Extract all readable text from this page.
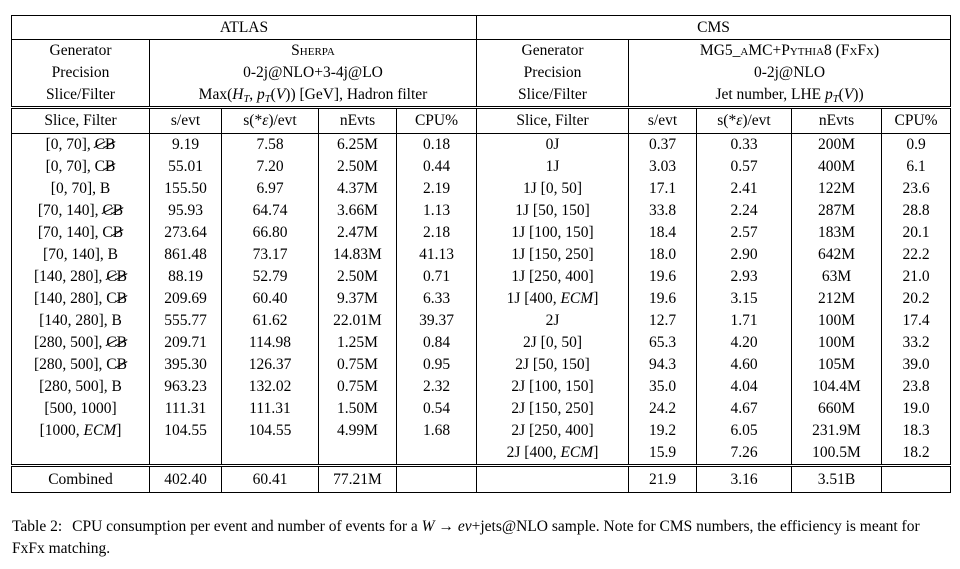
ATLAS					CMS				
Generator	Sherpa				Generator	MG5_aMC+Pythia8 (FxFx)			
Precision	0-2j@NLO+3-4j@LO				Precision	0-2j@NLO			
Slice/Filter	$Max(H_T$, $p_T(V)$) [GeV], Hadron filter				Slice/Filter	Jet number, LHE $p_T(V)$)			
Slice, Filter	s/evt	s(*ε)/evt	nEvts	CPU%	Slice, Filter	s/evt	s(*ε)/evt	nEvts	CPU%
[0, 70], CB	9.19	7.58	6.25M	0.18	0J	0.37	0.33	200M	0.9
[0, 70], CB	55.01	7.20	2.50M	0.44	1J	3.03	0.57	400M	6.1
[0, 70], B	155.50	6.97	4.37M	2.19	1J [0, 50]	17.1	2.41	122M	23.6
[70, 140], CB	95.93	64.74	3.66M	1.13	1J [50, 150]	33.8	2.24	287M	28.8
[70, 140], CB	273.64	66.80	2.47M	2.18	1J [100, 150]	18.4	2.57	183M	20.1
[70, 140], B	861.48	73.17	14.83M	41.13	1J [150, 250]	18.0	2.90	642M	22.2
[140, 280], CB	88.19	52.79	2.50M	0.71	1J [250, 400]	19.6	2.93	63M	21.0
[140, 280], CB	209.69	60.40	9.37M	6.33	1J [400, ECM]	19.6	3.15	212M	20.2
[140, 280], B	555.77	61.62	22.01M	39.37	2J	12.7	1.71	100M	17.4
[280, 500], CB	209.71	114.98	1.25M	0.84	2J [0, 50]	65.3	4.20	100M	33.2
[280, 500], CB	395.30	126.37	0.75M	0.95	2J [50, 150]	94.3	4.60	105M	39.0
[280, 500], B	963.23	132.02	0.75M	2.32	2J [100, 150]	35.0	4.04	104.4M	23.8
[500, 1000]	111.31	111.31	1.50M	0.54	2J [150, 250]	24.2	4.67	660M	19.0
[1000, ECM]	104.55	104.55	4.99M	1.68	2J [250, 400]	19.2	6.05	231.9M	18.3
					2J [400, ECM]	15.9	7.26	100.5M	18.2
Combined	402.40	60.41	77.21M			21.9	3.16	3.51B	
Table 2: CPU consumption per event and number of events for a W → eν+jets@NLO sample. Note for CMS numbers, the efficiency is meant for FxFx matching.
